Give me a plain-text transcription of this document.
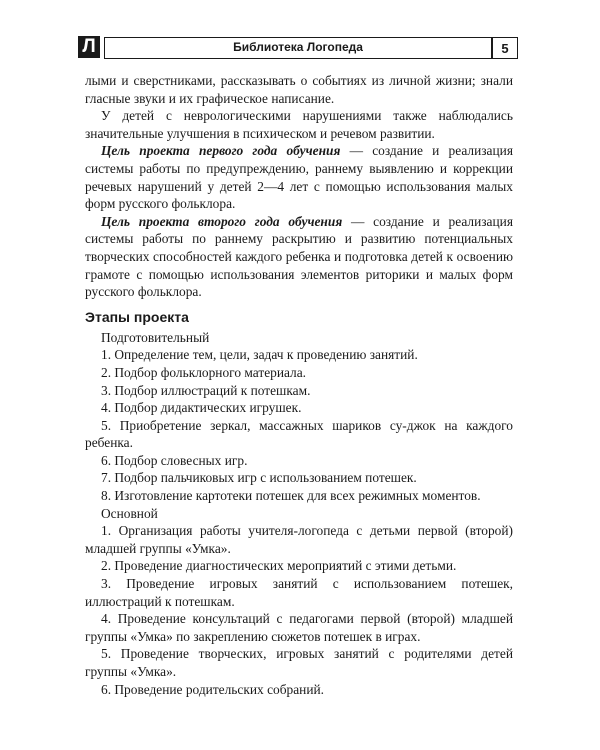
Л	Библиотека Логопеда	5

лыми и сверстниками, рассказывать о событиях из личной жизни; знали гласные звуки и их графическое написание.

У детей с неврологическими нарушениями также наблюдались значительные улучшения в психическом и речевом развитии.

Цель проекта первого года обучения — создание и реализация системы работы по предупреждению, раннему выявлению и коррекции речевых нарушений у детей 2—4 лет с помощью использования малых форм русского фольклора.

Цель проекта второго года обучения — создание и реализация системы работы по раннему раскрытию и развитию потенциальных творческих способностей каждого ребенка и подготовка детей к освоению грамоте с помощью использования элементов риторики и малых форм русского фольклора.

Этапы проекта

Подготовительный

1. Определение тем, цели, задач к проведению занятий.

2. Подбор фольклорного материала.

3. Подбор иллюстраций к потешкам.

4. Подбор дидактических игрушек.

5. Приобретение зеркал, массажных шариков су-джок на каждого ребенка.

6. Подбор словесных игр.

7. Подбор пальчиковых игр с использованием потешек.

8. Изготовление картотеки потешек для всех режимных моментов.

Основной

1. Организация работы учителя-логопеда с детьми первой (второй) младшей группы «Умка».

2. Проведение диагностических мероприятий с этими детьми.

3. Проведение игровых занятий с использованием потешек, иллюстраций к потешкам.

4. Проведение консультаций с педагогами первой (второй) младшей группы «Умка» по закреплению сюжетов потешек в играх.

5. Проведение творческих, игровых занятий с родителями детей группы «Умка».

6. Проведение родительских собраний.
